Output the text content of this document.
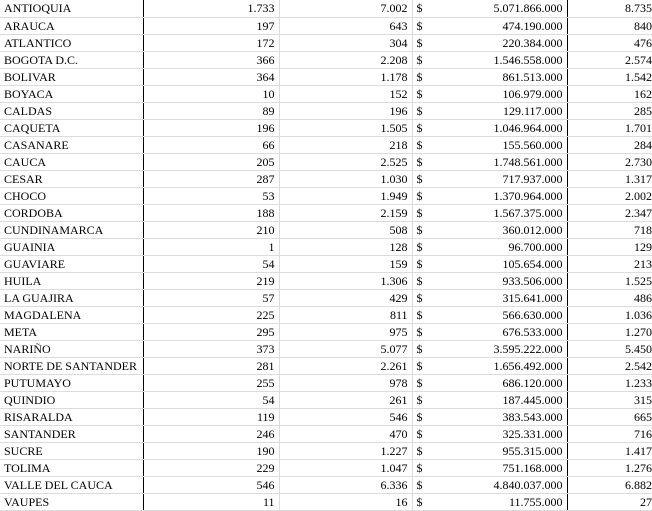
ANTIOQUIA	1.733	7.002	$	5.071.866.000	8.735
ARAUCA	197	643	$	474.190.000	840
ATLANTICO	172	304	$	220.384.000	476
BOGOTA D.C.	366	2.208	$	1.546.558.000	2.574
BOLIVAR	364	1.178	$	861.513.000	1.542
BOYACA	10	152	$	106.979.000	162
CALDAS	89	196	$	129.117.000	285
CAQUETA	196	1.505	$	1.046.964.000	1.701
CASANARE	66	218	$	155.560.000	284
CAUCA	205	2.525	$	1.748.561.000	2.730
CESAR	287	1.030	$	717.937.000	1.317
CHOCO	53	1.949	$	1.370.964.000	2.002
CORDOBA	188	2.159	$	1.567.375.000	2.347
CUNDINAMARCA	210	508	$	360.012.000	718
GUAINIA	1	128	$	96.700.000	129
GUAVIARE	54	159	$	105.654.000	213
HUILA	219	1.306	$	933.506.000	1.525
LA GUAJIRA	57	429	$	315.641.000	486
MAGDALENA	225	811	$	566.630.000	1.036
META	295	975	$	676.533.000	1.270
NARIÑO	373	5.077	$	3.595.222.000	5.450
NORTE DE SANTANDER	281	2.261	$	1.656.492.000	2.542
PUTUMAYO	255	978	$	686.120.000	1.233
QUINDIO	54	261	$	187.445.000	315
RISARALDA	119	546	$	383.543.000	665
SANTANDER	246	470	$	325.331.000	716
SUCRE	190	1.227	$	955.315.000	1.417
TOLIMA	229	1.047	$	751.168.000	1.276
VALLE DEL CAUCA	546	6.336	$	4.840.037.000	6.882
VAUPES	11	16	$	11.755.000	27
